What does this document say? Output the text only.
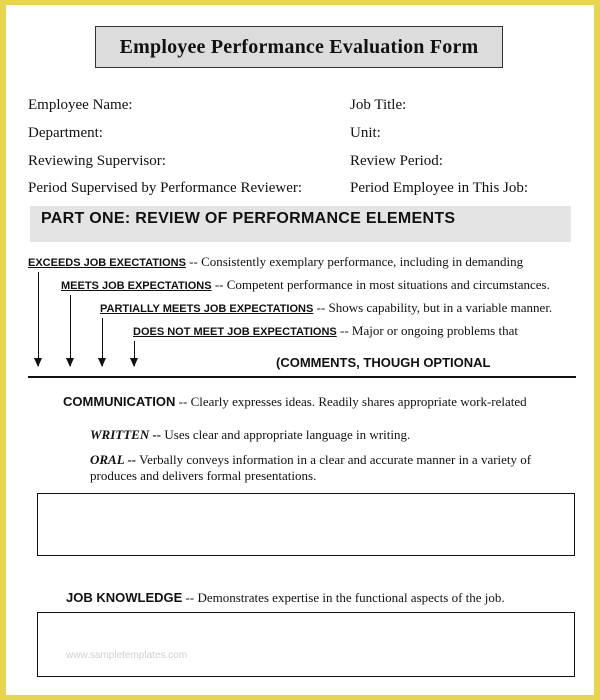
Employee Performance Evaluation Form
Employee Name:	Job Title:
Department:	Unit:
Reviewing Supervisor:	Review Period:
Period Supervised by Performance Reviewer:	Period Employee in This Job:
PART ONE: REVIEW OF PERFORMANCE ELEMENTS
EXCEEDS JOB EXECTATIONS -- Consistently exemplary performance, including in demanding
MEETS JOB EXPECTATIONS -- Competent performance in most situations and circumstances.
PARTIALLY MEETS JOB EXPECTATIONS -- Shows capability, but in a variable manner.
DOES NOT MEET JOB EXPECTATIONS -- Major or ongoing problems that
(COMMENTS, THOUGH OPTIONAL
COMMUNICATION -- Clearly expresses ideas. Readily shares appropriate work-related
WRITTEN -- Uses clear and appropriate language in writing.
ORAL -- Verbally conveys information in a clear and accurate manner in a variety of
produces and delivers formal presentations.
JOB KNOWLEDGE -- Demonstrates expertise in the functional aspects of the job.
www.sampletemplates.com
